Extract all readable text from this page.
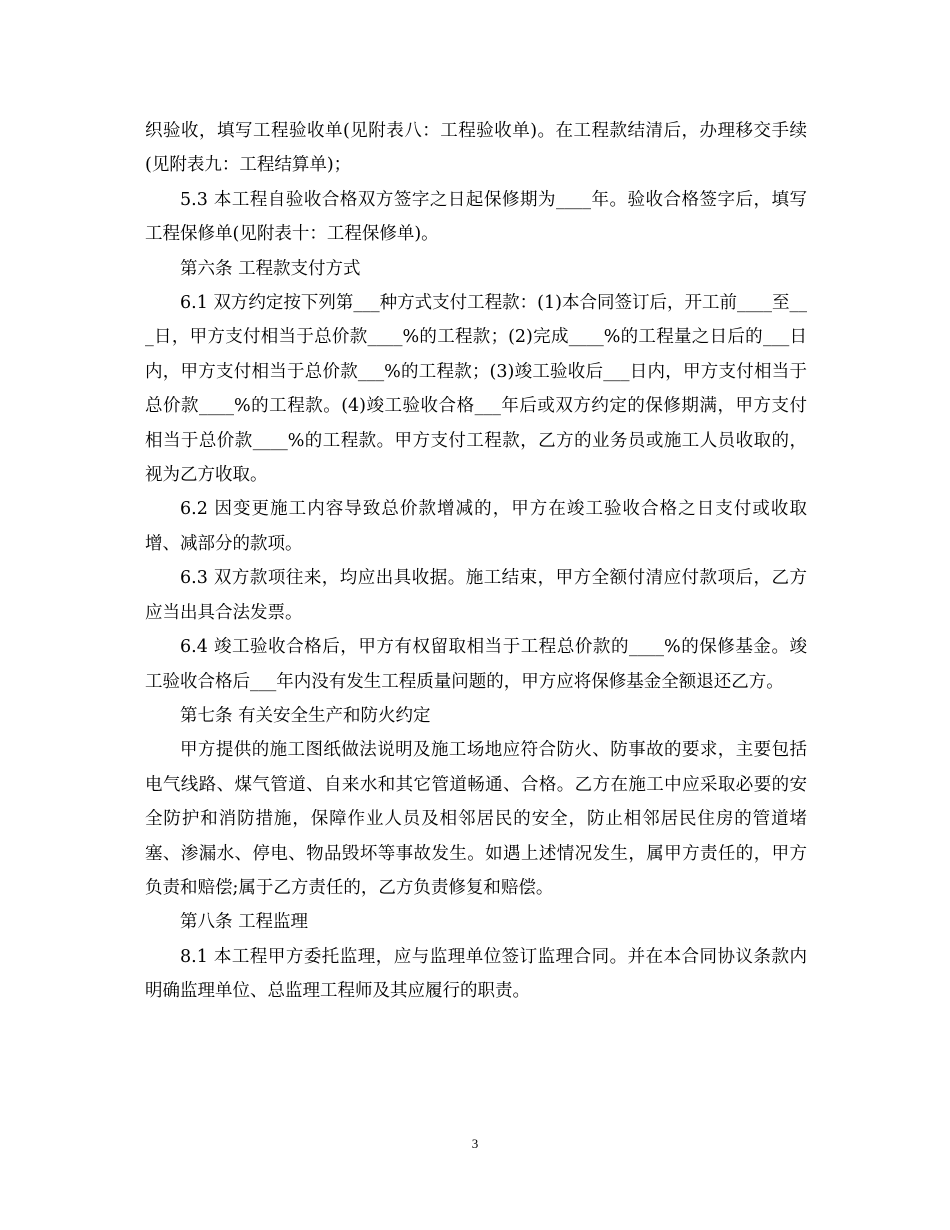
织验收，填写工程验收单(见附表八：工程验收单)。在工程款结清后，办理移交手续(见附表九：工程结算单)；

5.3 本工程自验收合格双方签字之日起保修期为____年。验收合格签字后，填写工程保修单(见附表十：工程保修单)。

第六条 工程款支付方式

6.1 双方约定按下列第___种方式支付工程款：(1)本合同签订后，开工前____至___日，甲方支付相当于总价款____%的工程款；(2)完成____%的工程量之日后的___日内，甲方支付相当于总价款___%的工程款；(3)竣工验收后___日内，甲方支付相当于总价款____%的工程款。(4)竣工验收合格___年后或双方约定的保修期满，甲方支付相当于总价款____%的工程款。甲方支付工程款，乙方的业务员或施工人员收取的，视为乙方收取。

6.2 因变更施工内容导致总价款增减的，甲方在竣工验收合格之日支付或收取增、减部分的款项。

6.3 双方款项往来，均应出具收据。施工结束，甲方全额付清应付款项后，乙方应当出具合法发票。

6.4 竣工验收合格后，甲方有权留取相当于工程总价款的____%的保修基金。竣工验收合格后___年内没有发生工程质量问题的，甲方应将保修基金全额退还乙方。

第七条 有关安全生产和防火约定

甲方提供的施工图纸做法说明及施工场地应符合防火、防事故的要求，主要包括电气线路、煤气管道、自来水和其它管道畅通、合格。乙方在施工中应采取必要的安全防护和消防措施，保障作业人员及相邻居民的安全，防止相邻居民住房的管道堵塞、渗漏水、停电、物品毁坏等事故发生。如遇上述情况发生，属甲方责任的，甲方负责和赔偿;属于乙方责任的，乙方负责修复和赔偿。

第八条 工程监理

8.1 本工程甲方委托监理，应与监理单位签订监理合同。并在本合同协议条款内明确监理单位、总监理工程师及其应履行的职责。

3
